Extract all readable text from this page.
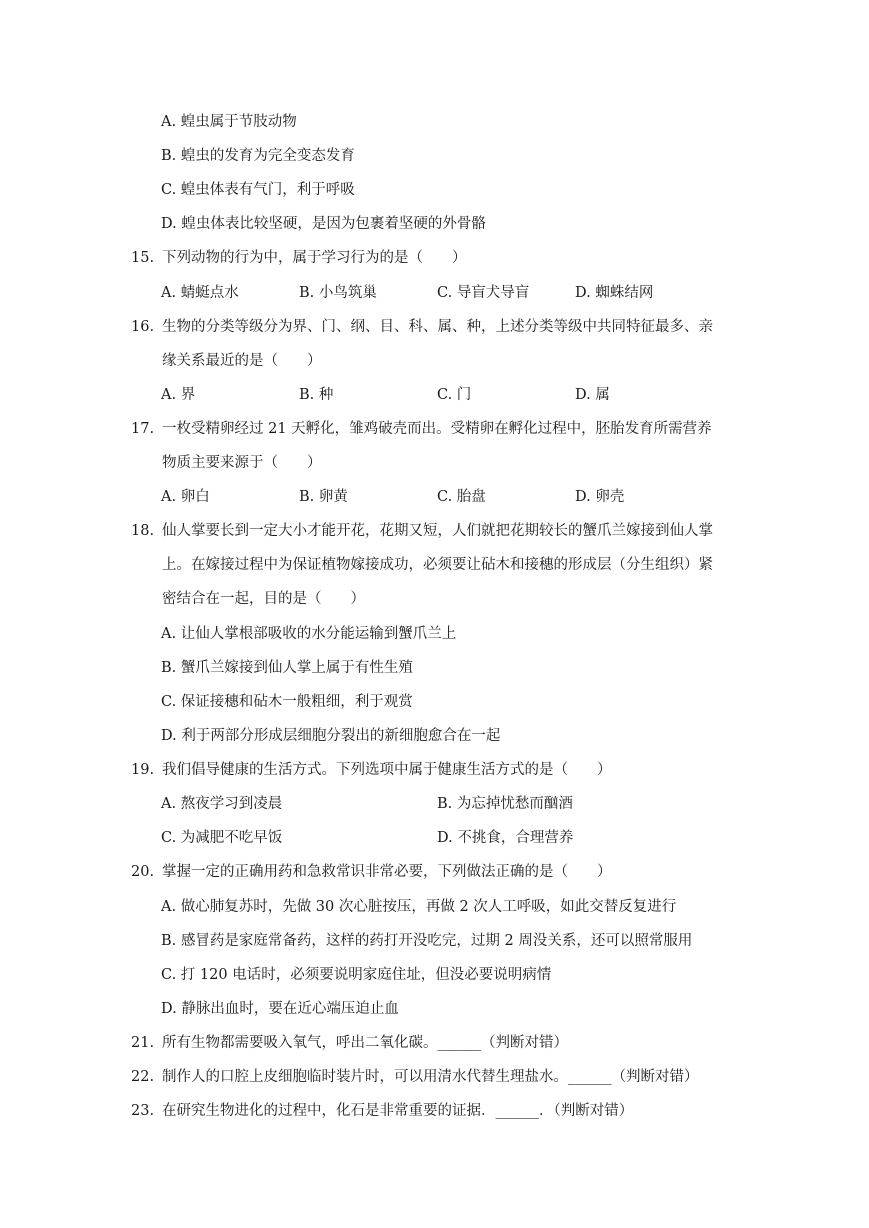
A. 蝗虫属于节肢动物
B. 蝗虫的发育为完全变态发育
C. 蝗虫体表有气门，利于呼吸
D. 蝗虫体表比较坚硬，是因为包裹着坚硬的外骨骼
15. 下列动物的行为中，属于学习行为的是（　　）
A. 蜻蜓点水	B. 小鸟筑巢	C. 导盲犬导盲	D. 蜘蛛结网
16. 生物的分类等级分为界、门、纲、目、科、属、种，上述分类等级中共同特征最多、亲
缘关系最近的是（　　）
A. 界	B. 种	C. 门	D. 属
17. 一枚受精卵经过 21 天孵化，雏鸡破壳而出。受精卵在孵化过程中，胚胎发育所需营养
物质主要来源于（　　）
A. 卵白	B. 卵黄	C. 胎盘	D. 卵壳
18. 仙人掌要长到一定大小才能开花，花期又短，人们就把花期较长的蟹爪兰嫁接到仙人掌
上。在嫁接过程中为保证植物嫁接成功，必须要让砧木和接穗的形成层（分生组织）紧
密结合在一起，目的是（　　）
A. 让仙人掌根部吸收的水分能运输到蟹爪兰上
B. 蟹爪兰嫁接到仙人掌上属于有性生殖
C. 保证接穗和砧木一般粗细，利于观赏
D. 利于两部分形成层细胞分裂出的新细胞愈合在一起
19. 我们倡导健康的生活方式。下列选项中属于健康生活方式的是（　　）
A. 熬夜学习到凌晨	B. 为忘掉忧愁而酗酒
C. 为减肥不吃早饭	D. 不挑食，合理营养
20. 掌握一定的正确用药和急救常识非常必要，下列做法正确的是（　　）
A. 做心肺复苏时，先做 30 次心脏按压，再做 2 次人工呼吸，如此交替反复进行
B. 感冒药是家庭常备药，这样的药打开没吃完，过期 2 周没关系，还可以照常服用
C. 打 120 电话时，必须要说明家庭住址，但没必要说明病情
D. 静脉出血时，要在近心端压迫止血
21. 所有生物都需要吸入氧气，呼出二氧化碳。______（判断对错）
22. 制作人的口腔上皮细胞临时装片时，可以用清水代替生理盐水。______（判断对错）
23. 在研究生物进化的过程中，化石是非常重要的证据．______．（判断对错）
